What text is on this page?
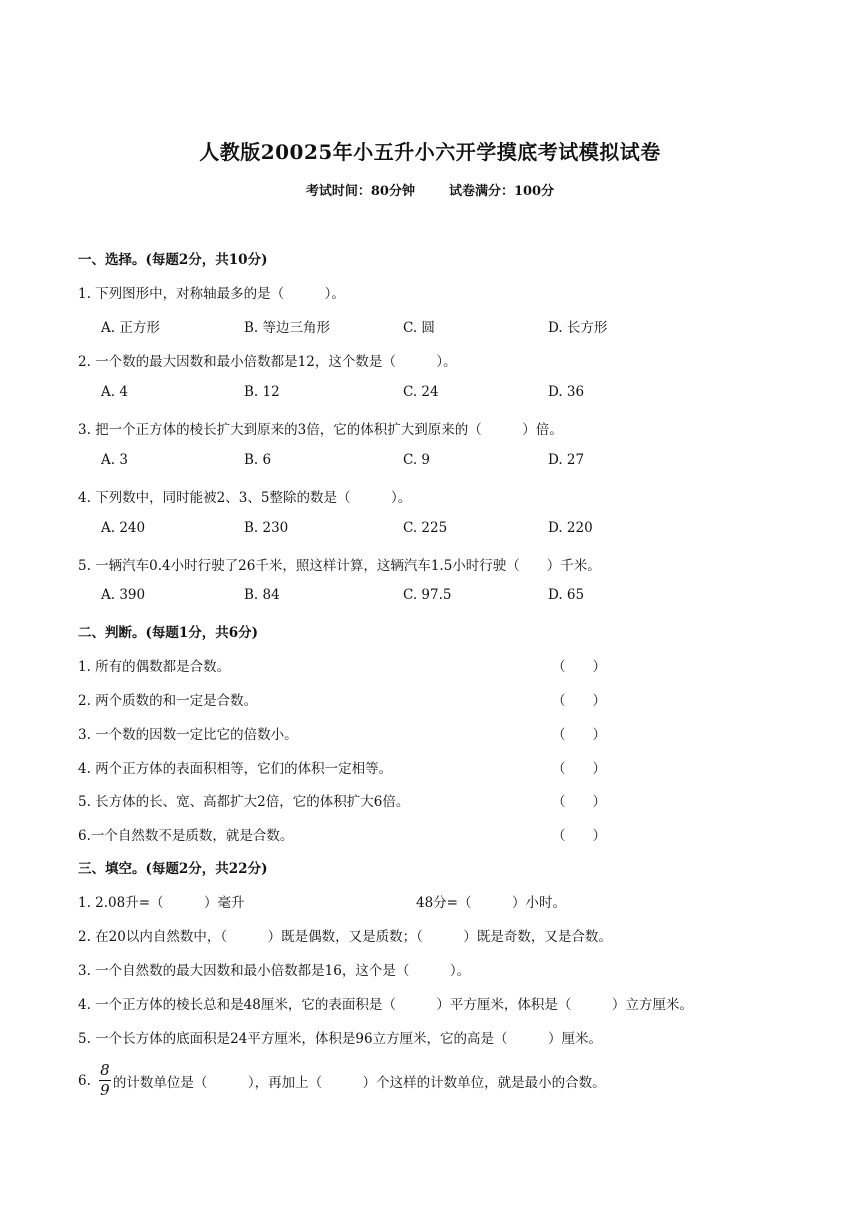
人教版20025年小五升小六开学摸底考试模拟试卷
考试时间：80分钟	试卷满分：100分
一、选择。(每题2分，共10分)
1. 下列图形中，对称轴最多的是（　　　）。
A. 正方形	B. 等边三角形	C. 圆	D. 长方形
2. 一个数的最大因数和最小倍数都是12，这个数是（　　　）。
A. 4	B. 12	C. 24	D. 36
3. 把一个正方体的棱长扩大到原来的3倍，它的体积扩大到原来的（　　　）倍。
A. 3	B. 6	C. 9	D. 27
4. 下列数中，同时能被2、3、5整除的数是（　　　）。
A. 240	B. 230	C. 225	D. 220
5. 一辆汽车0.4小时行驶了26千米，照这样计算，这辆汽车1.5小时行驶（　　）千米。
A. 390	B. 84	C. 97.5	D. 65
二、判断。(每题1分，共6分)
1. 所有的偶数都是合数。	（　　）
2. 两个质数的和一定是合数。	（　　）
3. 一个数的因数一定比它的倍数小。	（　　）
4. 两个正方体的表面积相等，它们的体积一定相等。	（　　）
5. 长方体的长、宽、高都扩大2倍，它的体积扩大6倍。	（　　）
6.一个自然数不是质数，就是合数。	（　　）
三、填空。(每题2分，共22分)
1. 2.08升=（　　　）毫升	48分=（　　　）小时。
2. 在20以内自然数中，（　　　）既是偶数，又是质数；（　　　）既是奇数，又是合数。
3. 一个自然数的最大因数和最小倍数都是16，这个是（　　　）。
4. 一个正方体的棱长总和是48厘米，它的表面积是（　　　）平方厘米，体积是（　　　）立方厘米。
5. 一个长方体的底面积是24平方厘米，体积是96立方厘米，它的高是（　　　）厘米。
6. $\frac{8}{9}$ 的计数单位是（　　　），再加上（　　　）个这样的计数单位，就是最小的合数。
